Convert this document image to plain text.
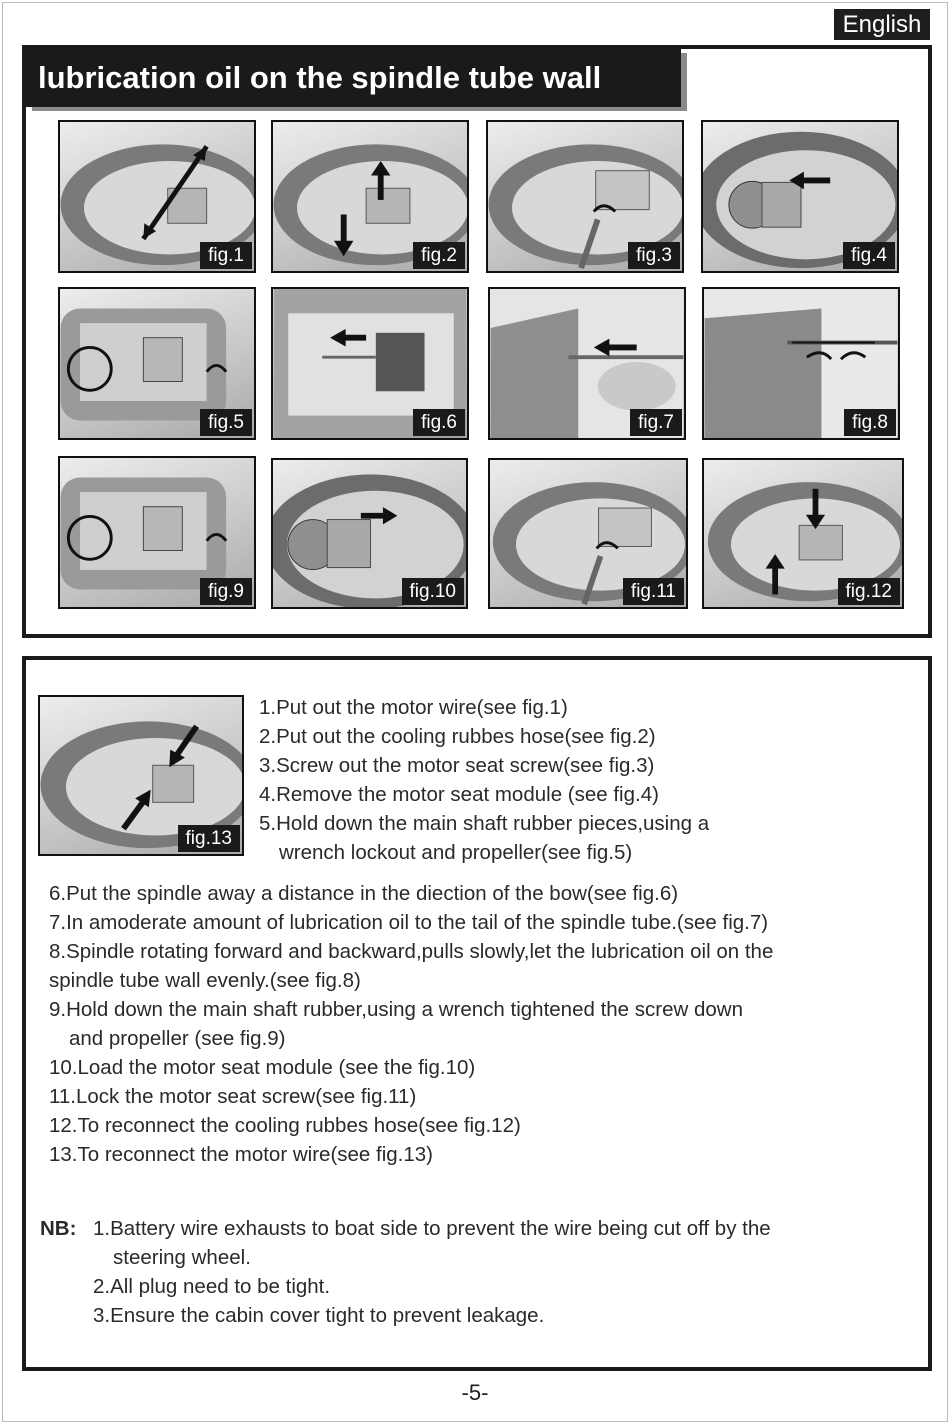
English
lubrication oil on the spindle tube wall
fig.1	fig.2	fig.3	fig.4
fig.5	fig.6	fig.7	fig.8
fig.9	fig.10	fig.11	fig.12
fig.13
1.Put out the motor wire(see fig.1)
2.Put out the cooling rubbes hose(see fig.2)
3.Screw out the motor seat screw(see fig.3)
4.Remove the motor seat module (see fig.4)
5.Hold down the main shaft rubber pieces,using a
wrench lockout and propeller(see fig.5)
6.Put the spindle away a distance in the diection of the bow(see fig.6)
7.In amoderate amount of lubrication oil to the tail of the spindle tube.(see fig.7)
8.Spindle rotating forward and backward,pulls slowly,let the lubrication oil on the
spindle tube wall evenly.(see fig.8)
9.Hold down the main shaft rubber,using a wrench tightened the screw down
and propeller (see fig.9)
10.Load the motor seat module (see the fig.10)
11.Lock the motor seat screw(see fig.11)
12.To reconnect the cooling rubbes hose(see fig.12)
13.To reconnect the motor wire(see fig.13)
NB: 1.Battery wire exhausts to boat side to prevent the wire being cut off by the
steering wheel.
2.All plug need to be tight.
3.Ensure the cabin cover tight to prevent leakage.
-5-
